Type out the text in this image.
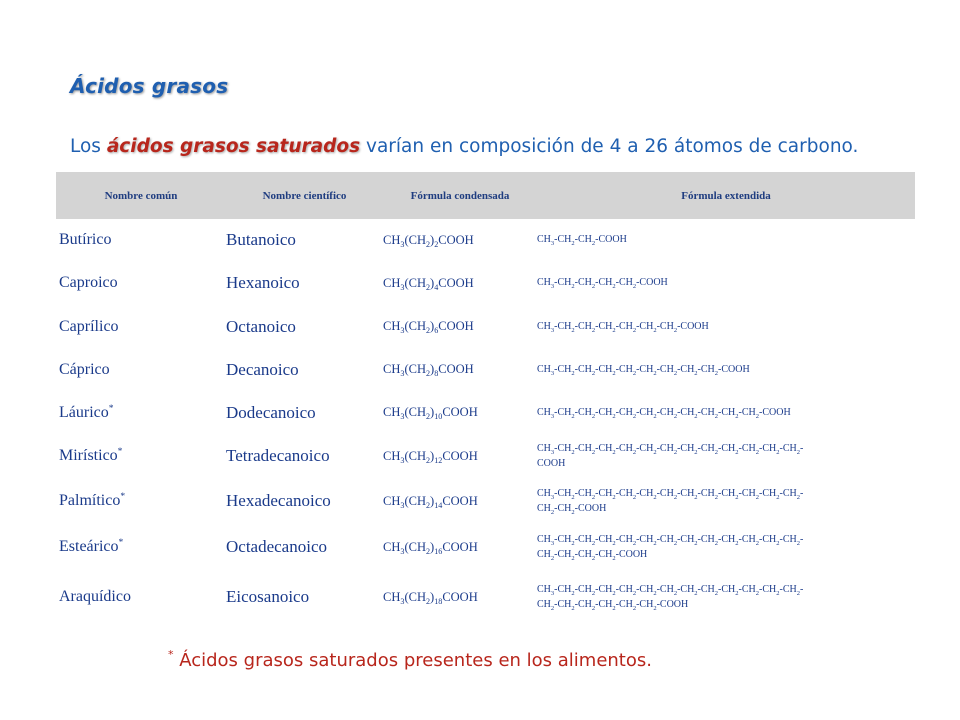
Ácidos grasos
Los ácidos grasos saturados varían en composición de 4 a 26 átomos de carbono.
Nombre común	Nombre científico	Fórmula condensada	Fórmula extendida
Butírico	Butanoico	$CH_3(CH_2)_2COOH$	$CH_3-CH_2-CH_2$-COOH
Caproico	Hexanoico	$CH_3(CH_2)_4COOH$	$CH_3-CH_2-CH_2-CH_2-CH_2$-COOH
Caprílico	Octanoico	$CH_3(CH_2)_6COOH$	$CH_3-CH_2-CH_2-CH_2-CH_2-CH_2-CH_2$-COOH
Cáprico	Decanoico	$CH_3(CH_2)_8COOH$	$CH_3-CH_2-CH_2-CH_2-CH_2-CH_2-CH_2-CH_2-CH_2$-COOH
Láurico*	Dodecanoico	$CH_3(CH_2)_{10}COOH$	$CH_3-CH_2-CH_2-CH_2-CH_2-CH_2-CH_2-CH_2-CH_2-CH_2-CH_2$-COOH
Mirístico*	Tetradecanoico	$CH_3(CH_2)_{12}COOH$	$CH_3-CH_2-CH_2-CH_2-CH_2-CH_2-CH_2-CH_2-CH_2-CH_2-CH_2-CH_2-CH_2-$
COOH
Palmítico*	Hexadecanoico	$CH_3(CH_2)_{14}COOH$	$CH_3-CH_2-CH_2-CH_2-CH_2-CH_2-CH_2-CH_2-CH_2-CH_2-CH_2-CH_2-CH_2-$
$CH_2-CH_2$-COOH
Esteárico*	Octadecanoico	$CH_3(CH_2)_{16}COOH$	$CH_3-CH_2-CH_2-CH_2-CH_2-CH_2-CH_2-CH_2-CH_2-CH_2-CH_2-CH_2-CH_2-$
$CH_2-CH_2-CH_2-CH_2$-COOH
Araquídico	Eicosanoico	$CH_3(CH_2)_{18}COOH$	$CH_3-CH_2-CH_2-CH_2-CH_2-CH_2-CH_2-CH_2-CH_2-CH_2-CH_2-CH_2-CH_2-$
$CH_2-CH_2-CH_2-CH_2-CH_2-CH_2$-COOH
* Ácidos grasos saturados presentes en los alimentos.
